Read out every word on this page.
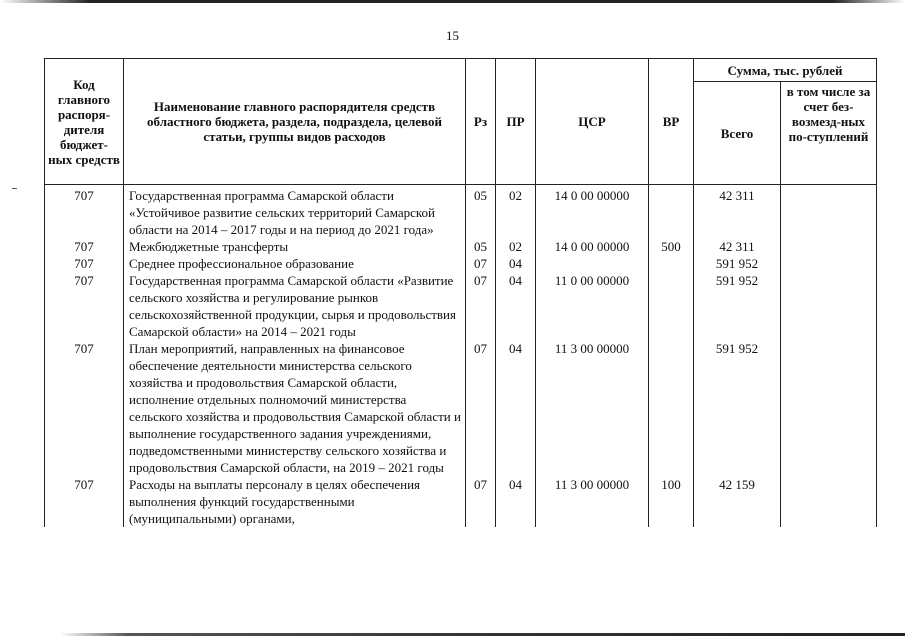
15
Код главного распоря-дителя бюджет-ных средств	Наименование главного распорядителя средств областного бюджета, раздела, подраздела, целевой статьи, группы видов расходов	Рз	ПР	ЦСР	ВР	Сумма, тыс. рублей	
						Всего	в том числе за счет без-возмезд-ных по-ступлений
707	Государственная программа Самарской области «Устойчивое развитие сельских территорий Самарской области на 2014 – 2017 годы и на период до 2021 года»	05	02	14 0 00 00000		42 311	
707	Межбюджетные трансферты	05	02	14 0 00 00000	500	42 311	
707	Среднее профессиональное образование	07	04			591 952	
707	Государственная программа Самарской области «Развитие сельского хозяйства и регулирование рынков сельскохозяйственной продукции, сырья и продовольствия Самарской области» на 2014 – 2021 годы	07	04	11 0 00 00000		591 952	
707	План мероприятий, направленных на финансовое обеспечение деятельности министерства сельского хозяйства и продовольствия Самарской области, исполнение отдельных полномочий министерства сельского хозяйства и продовольствия Самарской области и выполнение государственного задания учреждениями, подведомственными министерству сельского хозяйства и продовольствия Самарской области, на 2019 – 2021 годы	07	04	11 3 00 00000		591 952	
707	Расходы на выплаты персоналу в целях обеспечения выполнения функций государственными (муниципальными) органами,	07	04	11 3 00 00000	100	42 159	
